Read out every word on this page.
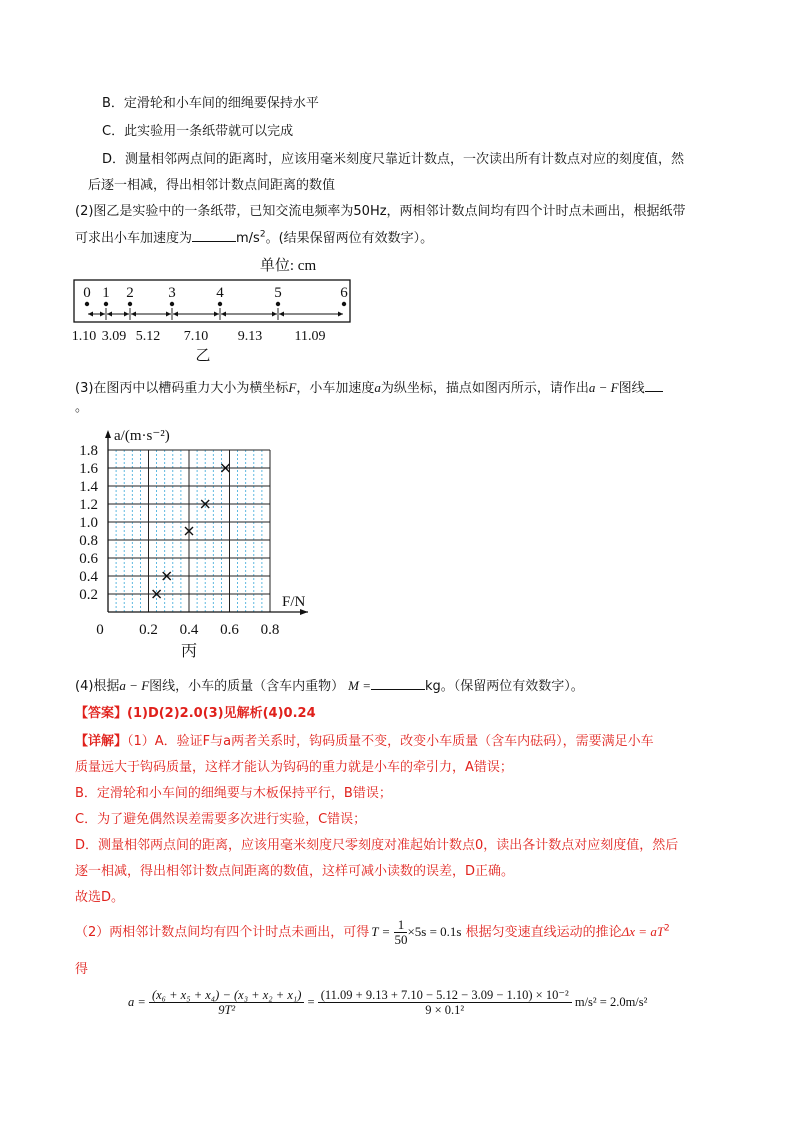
B．定滑轮和小车间的细绳要保持水平
C．此实验用一条纸带就可以完成
D．测量相邻两点间的距离时，应该用毫米刻度尺靠近计数点，一次读出所有计数点对应的刻度值，然
后逐一相减，得出相邻计数点间距离的数值
(2)图乙是实验中的一条纸带，已知交流电频率为50Hz，两相邻计数点间均有四个计时点未画出，根据纸带
可求出小车加速度为	$m/s^2$。(结果保留两位有效数字）。
单位: cm
0 1 2 3	4	5	6
1.10 3.09 5.12 7.10 9.13 11.09
乙
(3)在图丙中以槽码重力大小为横坐标F，小车加速度a为纵坐标，描点如图丙所示，请作出a − F图线
。
a/(m·s⁻²)
F/N
0.2
0.4
0.6
0.8
1.0
1.2
1.4
1.6
1.8
0 0.2 0.4 0.6 0.8
丙
(4)根据a − F图线，小车的质量（含车内重物） M =	kg。（保留两位有效数字）。
【答案】(1)D(2)2.0(3)见解析(4)0.24
【详解】（1）A．验证F与a两者关系时，钩码质量不变，改变小车质量（含车内砝码），需要满足小车
质量远大于钩码质量，这样才能认为钩码的重力就是小车的牵引力，A错误；
B．定滑轮和小车间的细绳要与木板保持平行，B错误；
C．为了避免偶然误差需要多次进行实验，C错误；
D．测量相邻两点间的距离，应该用毫米刻度尺零刻度对准起始计数点0，读出各计数点对应刻度值，然后
逐一相减，得出相邻计数点间距离的数值，这样可减小读数的误差，D正确。
故选D。
（2）两相邻计数点间均有四个计时点未画出，可得 $T = \frac{1}{50} \times 5s = 0.1s$ 根据匀变速直线运动的推论$\Delta x = aT^2$
得
$a = \frac{\text{(x₆ + x₅ + x₄) − (x₃ + x₂ + x₁)}}{\text{9T²}} = \frac{\text{(11.09 + 9.13 + 7.10 − 5.12 − 3.09 − 1.10) × 10⁻²}}{\text{9 × 0.1²}} m/s^2 = 2.0m/s^2$
